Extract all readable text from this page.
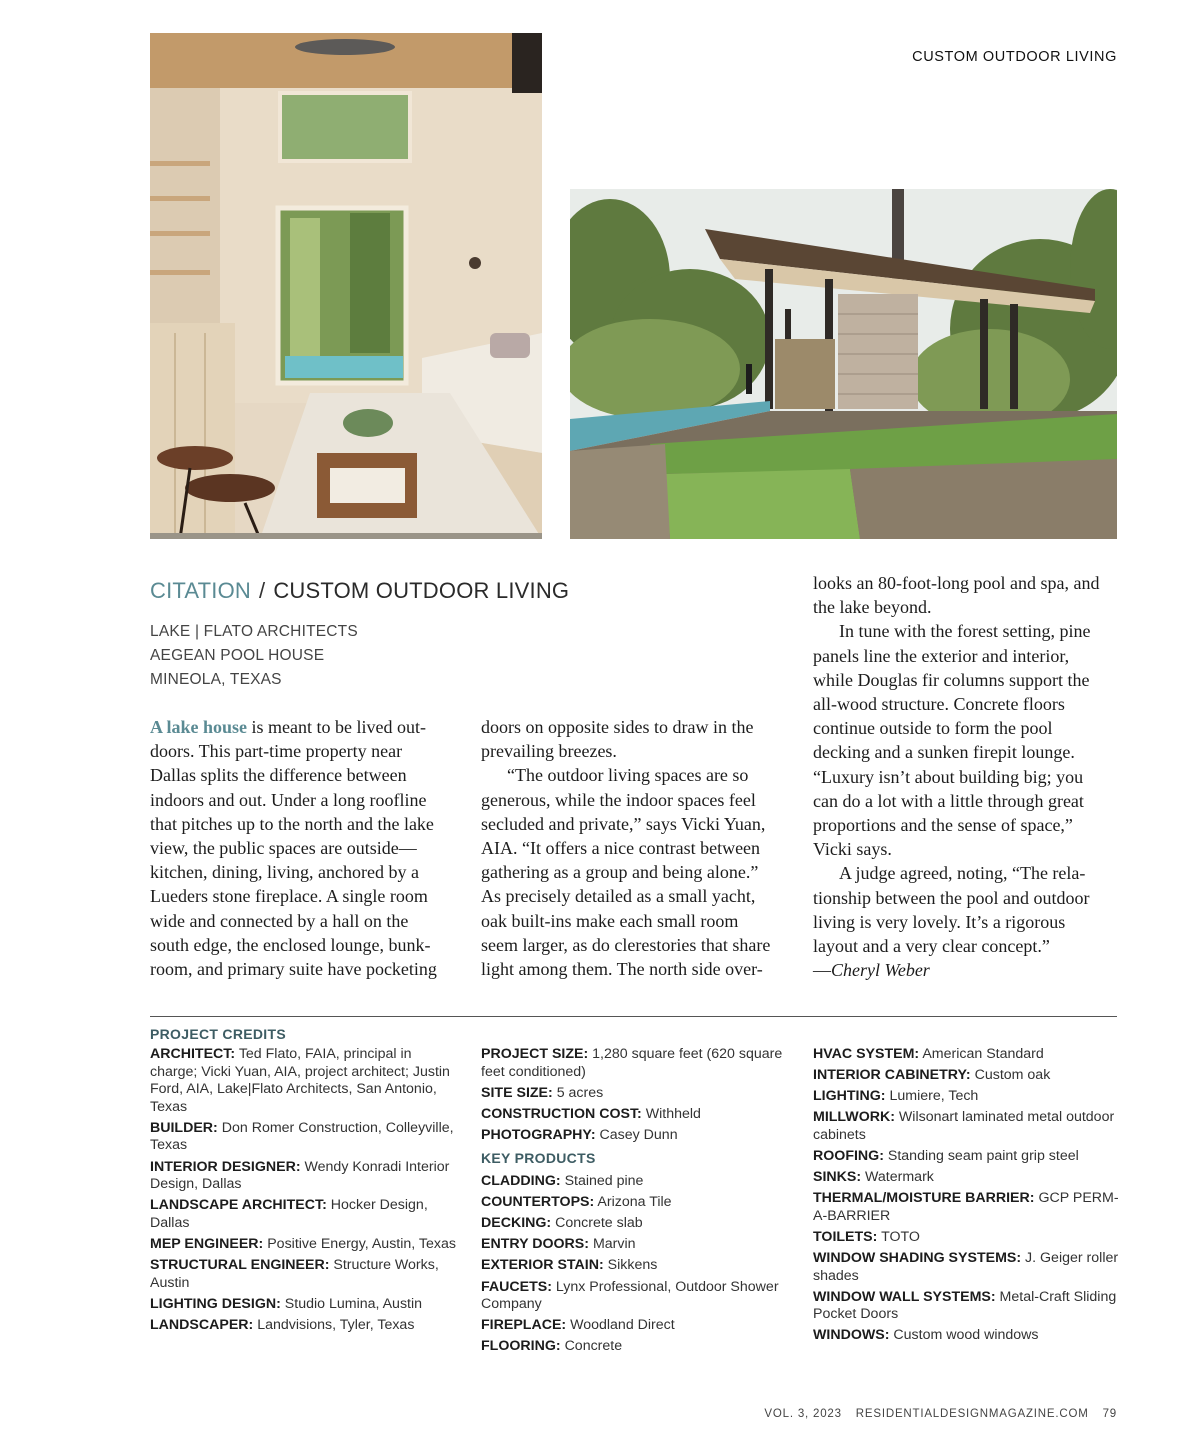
CUSTOM OUTDOOR LIVING
CITATION / CUSTOM OUTDOOR LIVING
LAKE | FLATO ARCHITECTS
AEGEAN POOL HOUSE
MINEOLA, TEXAS
A lake house is meant to be lived out-
doors. This part-time property near
Dallas splits the difference between
indoors and out. Under a long roofline
that pitches up to the north and the lake
view, the public spaces are outside—
kitchen, dining, living, anchored by a
Lueders stone fireplace. A single room
wide and connected by a hall on the
south edge, the enclosed lounge, bunk-
room, and primary suite have pocketing
doors on opposite sides to draw in the
prevailing breezes.
“The outdoor living spaces are so
generous, while the indoor spaces feel
secluded and private,” says Vicki Yuan,
AIA. “It offers a nice contrast between
gathering as a group and being alone.”
As precisely detailed as a small yacht,
oak built-ins make each small room
seem larger, as do clerestories that share
light among them. The north side over-
looks an 80-foot-long pool and spa, and
the lake beyond.
In tune with the forest setting, pine
panels line the exterior and interior,
while Douglas fir columns support the
all-wood structure. Concrete floors
continue outside to form the pool
decking and a sunken firepit lounge.
“Luxury isn’t about building big; you
can do a lot with a little through great
proportions and the sense of space,”
Vicki says.
A judge agreed, noting, “The rela-
tionship between the pool and outdoor
living is very lovely. It’s a rigorous
layout and a very clear concept.”
—Cheryl Weber
PROJECT CREDITS
ARCHITECT: Ted Flato, FAIA, principal in charge; Vicki Yuan, AIA, project architect; Justin Ford, AIA, Lake|Flato Architects, San Antonio, Texas
BUILDER: Don Romer Construction, Colleyville, Texas
INTERIOR DESIGNER: Wendy Konradi Interior Design, Dallas
LANDSCAPE ARCHITECT: Hocker Design, Dallas
MEP ENGINEER: Positive Energy, Austin, Texas
STRUCTURAL ENGINEER: Structure Works, Austin
LIGHTING DESIGN: Studio Lumina, Austin
LANDSCAPER: Landvisions, Tyler, Texas
PROJECT SIZE: 1,280 square feet (620 square feet conditioned)
SITE SIZE: 5 acres
CONSTRUCTION COST: Withheld
PHOTOGRAPHY: Casey Dunn
KEY PRODUCTS
CLADDING: Stained pine
COUNTERTOPS: Arizona Tile
DECKING: Concrete slab
ENTRY DOORS: Marvin
EXTERIOR STAIN: Sikkens
FAUCETS: Lynx Professional, Outdoor Shower Company
FIREPLACE: Woodland Direct
FLOORING: Concrete
HVAC SYSTEM: American Standard
INTERIOR CABINETRY: Custom oak
LIGHTING: Lumiere, Tech
MILLWORK: Wilsonart laminated metal outdoor cabinets
ROOFING: Standing seam paint grip steel
SINKS: Watermark
THERMAL/MOISTURE BARRIER: GCP PERM-A-BARRIER
TOILETS: TOTO
WINDOW SHADING SYSTEMS: J. Geiger roller shades
WINDOW WALL SYSTEMS: Metal-Craft Sliding Pocket Doors
WINDOWS: Custom wood windows
VOL. 3, 2023 RESIDENTIALDESIGNMAGAZINE.COM 79
